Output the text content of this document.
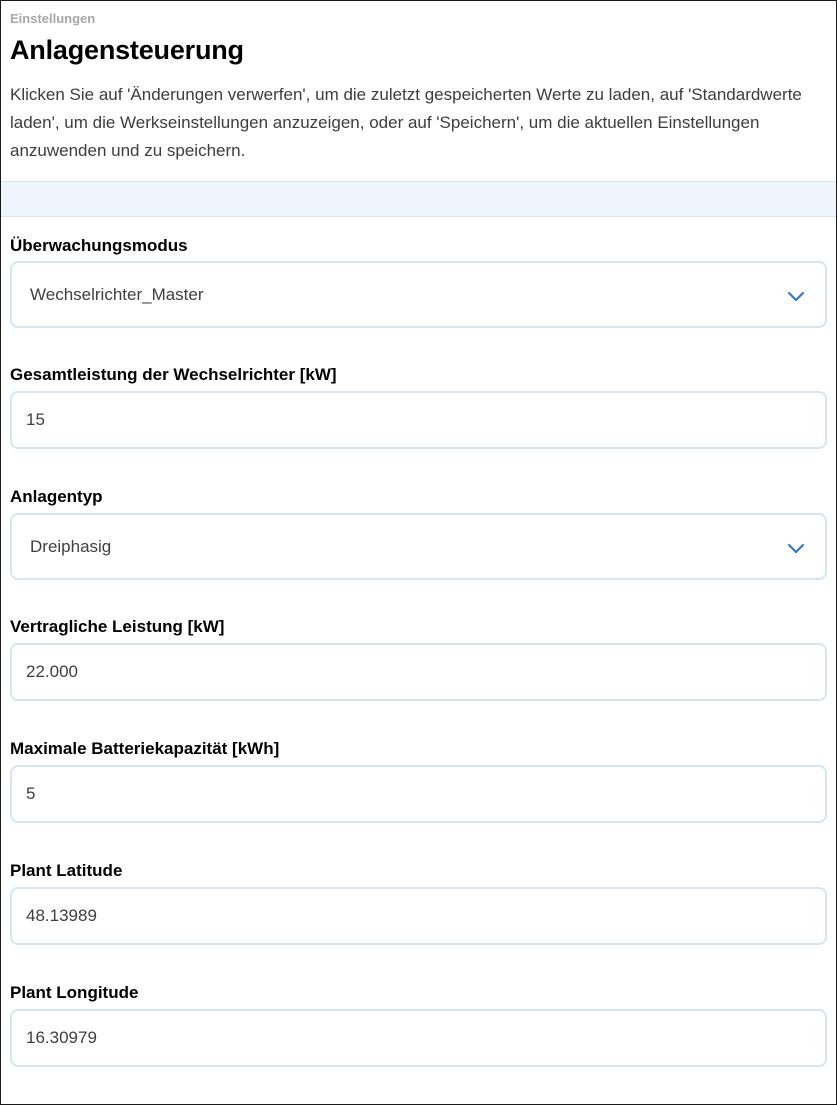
Einstellungen
Anlagensteuerung
Klicken Sie auf 'Änderungen verwerfen', um die zuletzt gespeicherten Werte zu laden, auf 'Standardwerte laden', um die Werkseinstellungen anzuzeigen, oder auf 'Speichern', um die aktuellen Einstellungen anzuwenden und zu speichern.
Überwachungsmodus
Wechselrichter_Master
Gesamtleistung der Wechselrichter [kW]
15
Anlagentyp
Dreiphasig
Vertragliche Leistung [kW]
22.000
Maximale Batteriekapazität [kWh]
5
Plant Latitude
48.13989
Plant Longitude
16.30979
